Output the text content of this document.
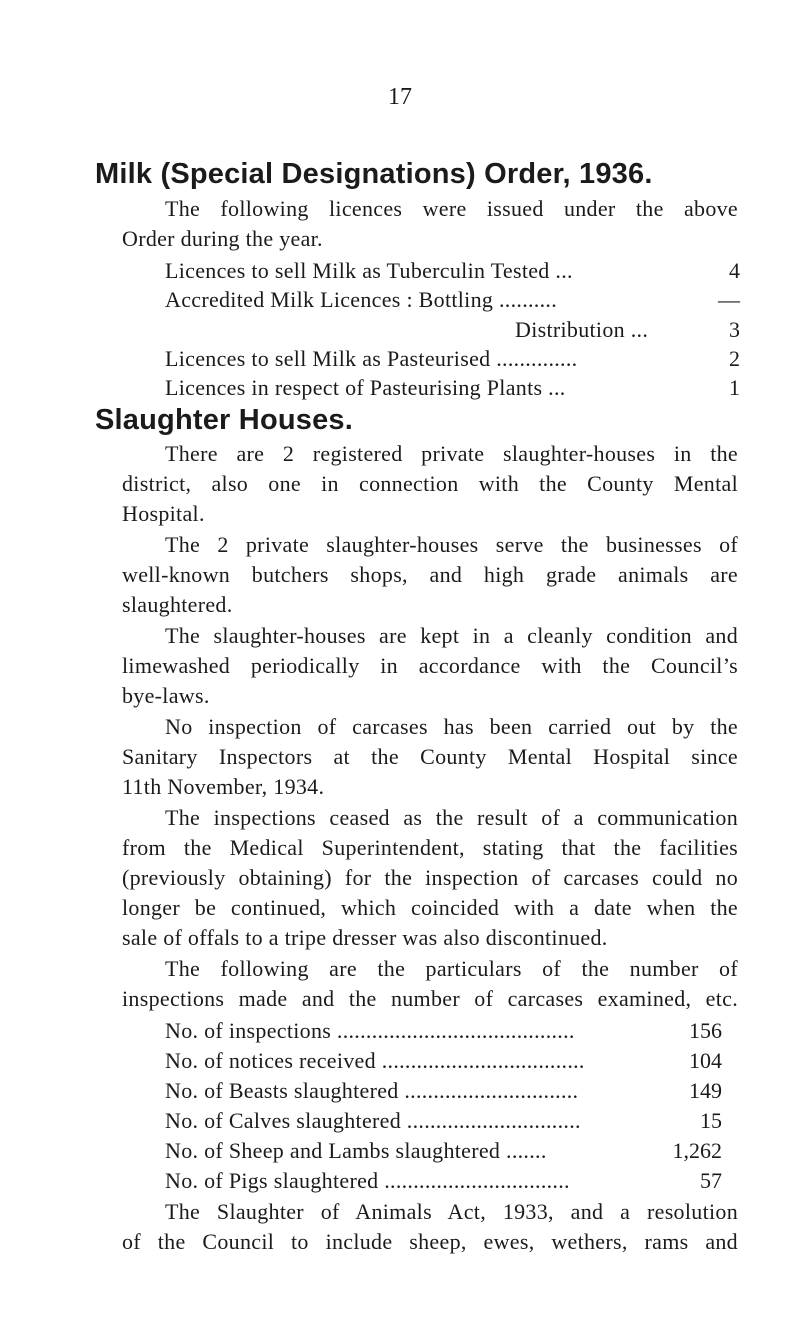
17
Milk (Special Designations) Order, 1936.
The following licences were issued under the above
Order during the year.
Licences to sell Milk as Tuberculin Tested ...	4
Accredited Milk Licences : Bottling ..........	—
Distribution ...	3
Licences to sell Milk as Pasteurised ..............	2
Licences in respect of Pasteurising Plants ...	1
Slaughter Houses.
There are 2 registered private slaughter-houses in the
district, also one in connection with the County Mental
Hospital.
The 2 private slaughter-houses serve the businesses of
well-known butchers shops, and high grade animals are
slaughtered.
The slaughter-houses are kept in a cleanly condition and
limewashed periodically in accordance with the Council’s
bye-laws.
No inspection of carcases has been carried out by the
Sanitary Inspectors at the County Mental Hospital since
11th November, 1934.
The inspections ceased as the result of a communication
from the Medical Superintendent, stating that the facilities
(previously obtaining) for the inspection of carcases could no
longer be continued, which coincided with a date when the
sale of offals to a tripe dresser was also discontinued.
The following are the particulars of the number of
inspections made and the number of carcases examined, etc.
No. of inspections .........................................	156
No. of notices received ...................................	104
No. of Beasts slaughtered ..............................	149
No. of Calves slaughtered ..............................	15
No. of Sheep and Lambs slaughtered .......	1,262
No. of Pigs slaughtered ................................	57
The Slaughter of Animals Act, 1933, and a resolution
of the Council to include sheep, ewes, wethers, rams and
